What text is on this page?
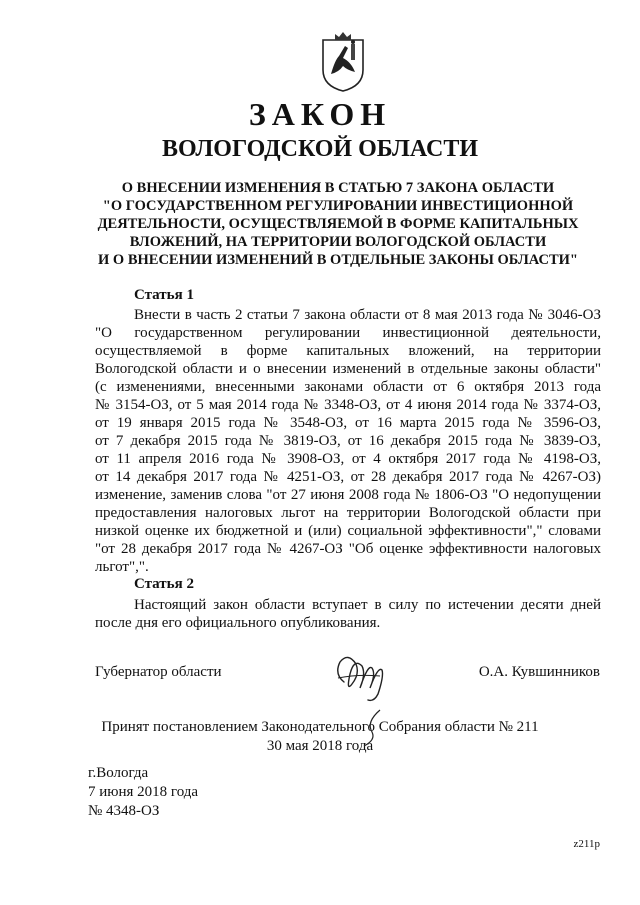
ЗАКОН
ВОЛОГОДСКОЙ ОБЛАСТИ
О ВНЕСЕНИИ ИЗМЕНЕНИЯ В СТАТЬЮ 7 ЗАКОНА ОБЛАСТИ
"О ГОСУДАРСТВЕННОМ РЕГУЛИРОВАНИИ ИНВЕСТИЦИОННОЙ
ДЕЯТЕЛЬНОСТИ, ОСУЩЕСТВЛЯЕМОЙ В ФОРМЕ КАПИТАЛЬНЫХ
ВЛОЖЕНИЙ, НА ТЕРРИТОРИИ ВОЛОГОДСКОЙ ОБЛАСТИ
И О ВНЕСЕНИИ ИЗМЕНЕНИЙ В ОТДЕЛЬНЫЕ ЗАКОНЫ ОБЛАСТИ"

Статья 1

Внести в часть 2 статьи 7 закона области от 8 мая 2013 года № 3046-ОЗ
"О государственном регулировании инвестиционной деятельности,
осуществляемой в форме капитальных вложений, на территории
Вологодской области и о внесении изменений в отдельные законы области"
(с изменениями, внесенными законами области от 6 октября 2013 года
№ 3154-ОЗ, от 5 мая 2014 года № 3348-ОЗ, от 4 июня 2014 года № 3374-ОЗ,
от 19 января 2015 года № 3548-ОЗ, от 16 марта 2015 года № 3596-ОЗ,
от 7 декабря 2015 года № 3819-ОЗ, от 16 декабря 2015 года № 3839-ОЗ,
от 11 апреля 2016 года № 3908-ОЗ, от 4 октября 2017 года № 4198-ОЗ,
от 14 декабря 2017 года № 4251-ОЗ, от 28 декабря 2017 года № 4267-ОЗ)
изменение, заменив слова "от 27 июня 2008 года № 1806-ОЗ "О недопущении
предоставления налоговых льгот на территории Вологодской области при
низкой оценке их бюджетной и (или) социальной эффективности"," словами
"от 28 декабря 2017 года № 4267-ОЗ "Об оценке эффективности налоговых
льгот",".

Статья 2

Настоящий закон области вступает в силу по истечении десяти дней
после дня его официального опубликования.

Губернатор области	О.А. Кувшинников

Принят постановлением Законодательного Собрания области № 211
30 мая 2018 года
г.Вологда
7 июня 2018 года
№ 4348-ОЗ

z211р
